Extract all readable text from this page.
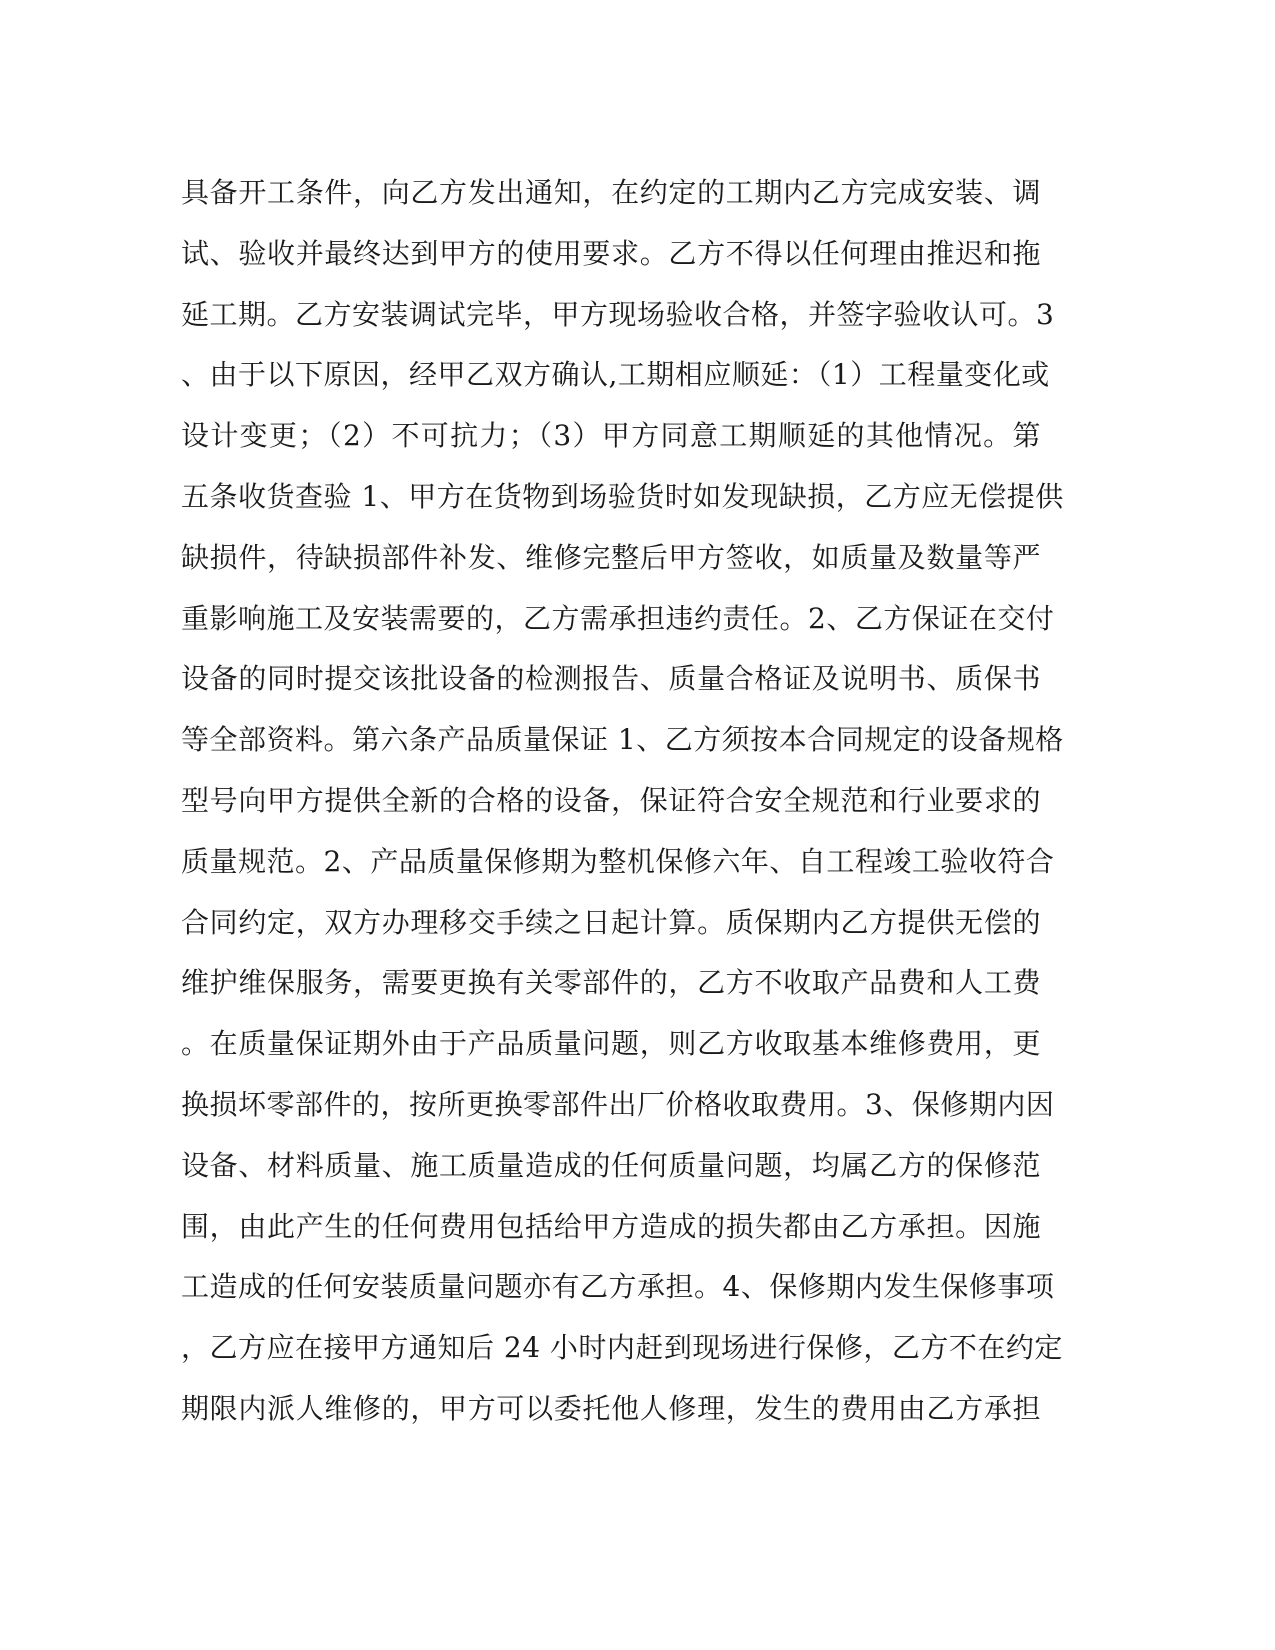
具备开工条件，向乙方发出通知，在约定的工期内乙方完成安装、调
试、验收并最终达到甲方的使用要求。乙方不得以任何理由推迟和拖
延工期。乙方安装调试完毕，甲方现场验收合格，并签字验收认可。3
、由于以下原因，经甲乙双方确认,工期相应顺延：（1）工程量变化或
设计变更；（2）不可抗力；（3）甲方同意工期顺延的其他情况。第
五条收货查验 1、甲方在货物到场验货时如发现缺损，乙方应无偿提供
缺损件，待缺损部件补发、维修完整后甲方签收，如质量及数量等严
重影响施工及安装需要的，乙方需承担违约责任。2、乙方保证在交付
设备的同时提交该批设备的检测报告、质量合格证及说明书、质保书
等全部资料。第六条产品质量保证 1、乙方须按本合同规定的设备规格
型号向甲方提供全新的合格的设备，保证符合安全规范和行业要求的
质量规范。2、产品质量保修期为整机保修六年、自工程竣工验收符合
合同约定，双方办理移交手续之日起计算。质保期内乙方提供无偿的
维护维保服务，需要更换有关零部件的，乙方不收取产品费和人工费
。在质量保证期外由于产品质量问题，则乙方收取基本维修费用，更
换损坏零部件的，按所更换零部件出厂价格收取费用。3、保修期内因
设备、材料质量、施工质量造成的任何质量问题，均属乙方的保修范
围，由此产生的任何费用包括给甲方造成的损失都由乙方承担。因施
工造成的任何安装质量问题亦有乙方承担。4、保修期内发生保修事项
，乙方应在接甲方通知后 24 小时内赶到现场进行保修，乙方不在约定
期限内派人维修的，甲方可以委托他人修理，发生的费用由乙方承担
